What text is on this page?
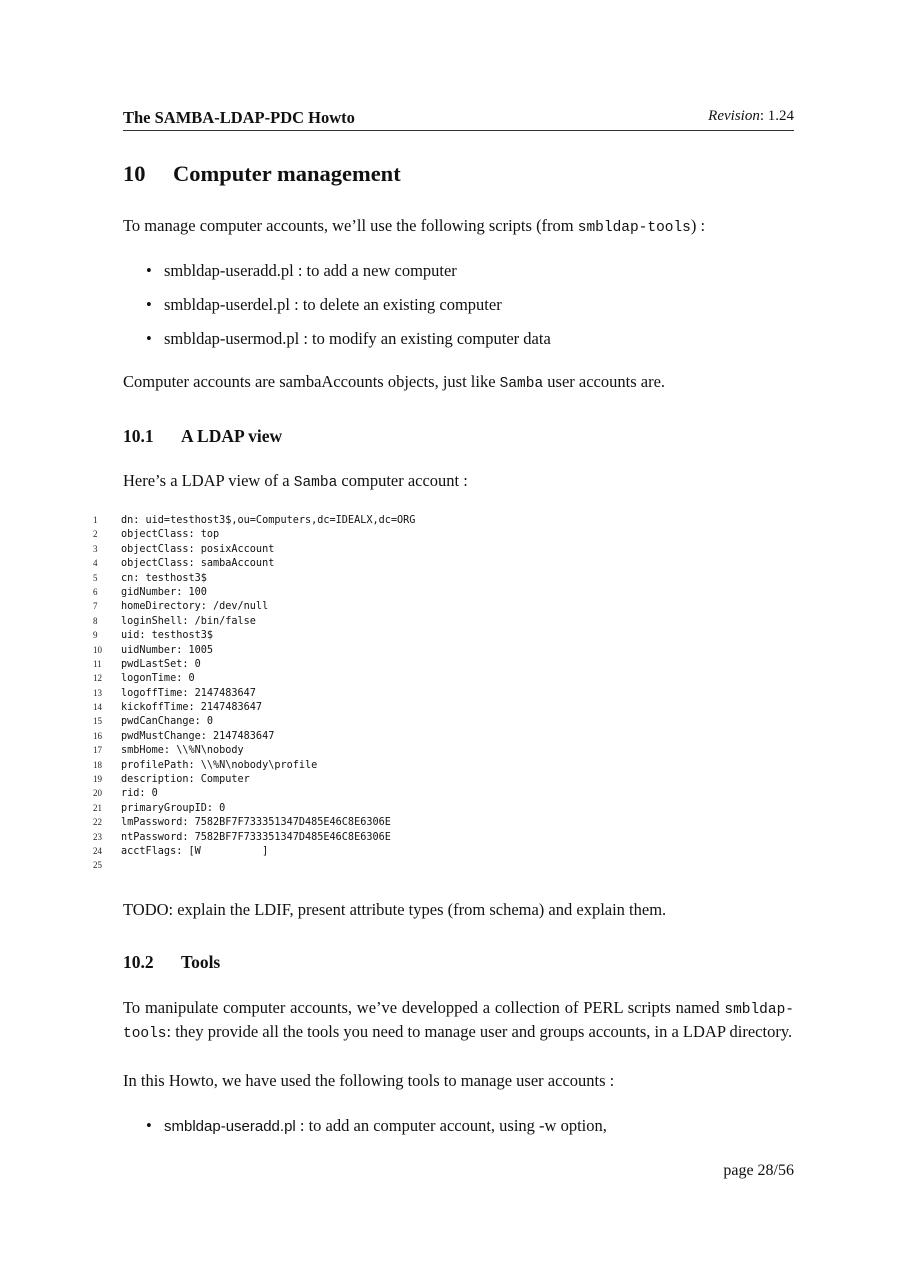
The SAMBA-LDAP-PDC Howto	Revision: 1.24
10 Computer management
To manage computer accounts, we’ll use the following scripts (from smbldap-tools) :
• smbldap-useradd.pl : to add a new computer
• smbldap-userdel.pl : to delete an existing computer
• smbldap-usermod.pl : to modify an existing computer data
Computer accounts are sambaAccounts objects, just like Samba user accounts are.
10.1 A LDAP view
Here’s a LDAP view of a Samba computer account :
1 dn: uid=testhost3$,ou=Computers,dc=IDEALX,dc=ORG
2 objectClass: top
3 objectClass: posixAccount
4 objectClass: sambaAccount
5 cn: testhost3$
6 gidNumber: 100
7 homeDirectory: /dev/null
8 loginShell: /bin/false
9 uid: testhost3$
10 uidNumber: 1005
11 pwdLastSet: 0
12 logonTime: 0
13 logoffTime: 2147483647
14 kickoffTime: 2147483647
15 pwdCanChange: 0
16 pwdMustChange: 2147483647
17 smbHome: \\%N\nobody
18 profilePath: \\%N\nobody\profile
19 description: Computer
20 rid: 0
21 primaryGroupID: 0
22 lmPassword: 7582BF7F733351347D485E46C8E6306E
23 ntPassword: 7582BF7F733351347D485E46C8E6306E
24 acctFlags: [W          ]
25
TODO: explain the LDIF, present attribute types (from schema) and explain them.
10.2 Tools
To manipulate computer accounts, we’ve developped a collection of PERL scripts named smbldap-tools: they provide all the tools you need to manage user and groups accounts, in a LDAP directory.
In this Howto, we have used the following tools to manage user accounts :
• smbldap-useradd.pl : to add an computer account, using -w option,
page 28/56
